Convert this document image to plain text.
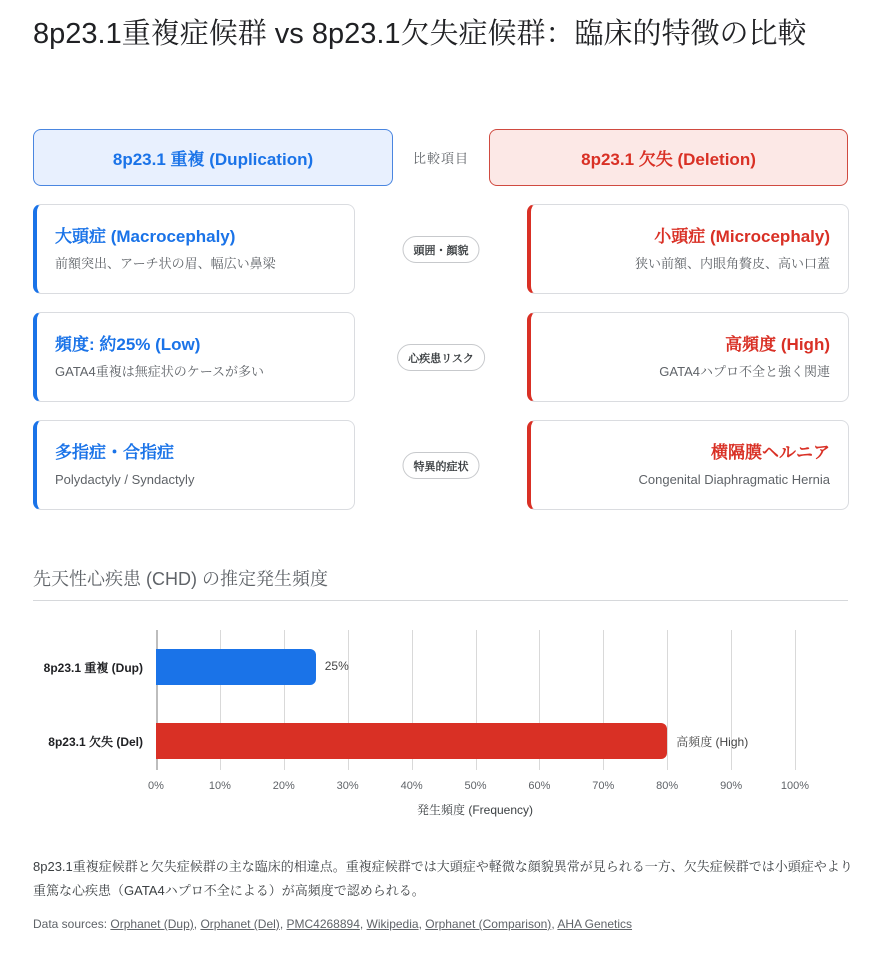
8p23.1重複症候群 vs 8p23.1欠失症候群：臨床的特徴の比較
8p23.1 重複 (Duplication)	比較項目	8p23.1 欠失 (Deletion)
大頭症 (Macrocephaly)
前額突出、アーチ状の眉、幅広い鼻梁
頭囲・顔貌
小頭症 (Microcephaly)
狭い前額、内眼角贅皮、高い口蓋
頻度: 約25% (Low)
GATA4重複は無症状のケースが多い
心疾患リスク
高頻度 (High)
GATA4ハプロ不全と強く関連
多指症・合指症
Polydactyly / Syndactyly
特異的症状
横隔膜ヘルニア
Congenital Diaphragmatic Hernia
先天性心疾患 (CHD) の推定発生頻度
25%
高頻度 (High)
8p23.1 重複 (Dup)
8p23.1 欠失 (Del)
0%	10%	20%	30%	40%	50%	60%	70%	80%	90%	100%
発生頻度 (Frequency)

8p23.1重複症候群と欠失症候群の主な臨床的相違点。重複症候群では大頭症や軽微な顔貌異常が見られる一方、欠失症候群では小頭症やより重篤な心疾患（GATA4ハプロ不全による）が高頻度で認められる。

Data sources: Orphanet (Dup), Orphanet (Del), PMC4268894, Wikipedia, Orphanet (Comparison), AHA Genetics
